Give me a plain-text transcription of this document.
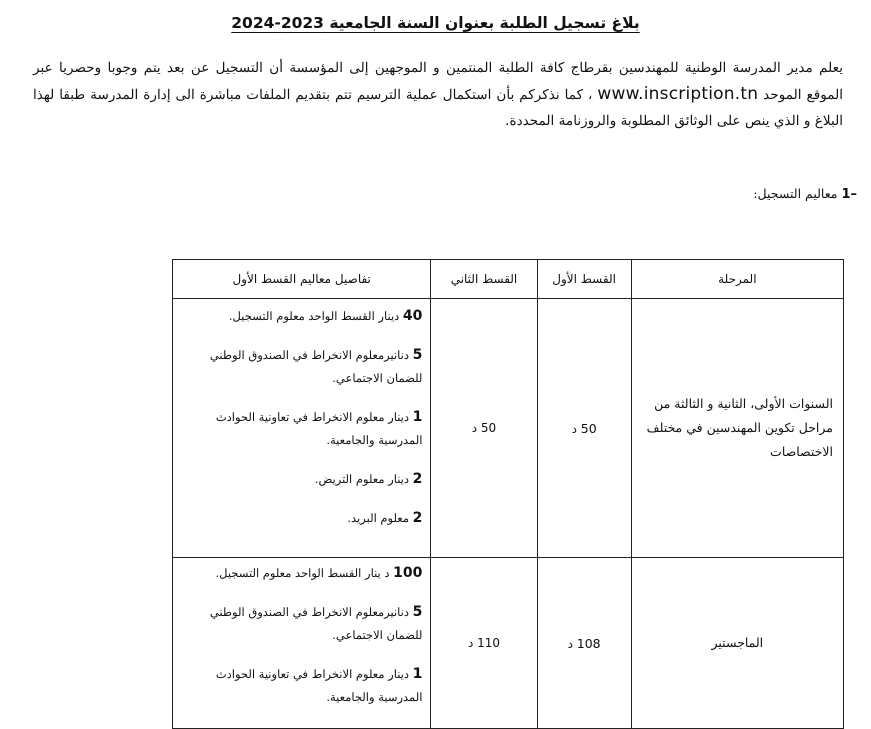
بلاغ تسجيل الطلبة بعنوان السنة الجامعية 2023-2024
يعلم مدير المدرسة الوطنية للمهندسين بقرطاج كافة الطلبة المنتمين و الموجهين إلى المؤسسة أن التسجيل عن بعد يتم وجوبا وحصريا عبر الموقع الموحد www.inscription.tn ، كما نذكركم بأن استكمال عملية الترسيم تتم بتقديم الملفات مباشرة الى إدارة المدرسة طبقا لهذا البلاغ و الذي ينص على الوثائق المطلوبة والروزنامة المحددة.
1– معاليم التسجيل:
المرحلة	القسط الأول	القسط الثاني	تفاصيل معاليم القسط الأول
السنوات الأولى، الثانية و الثالثة من مراحل تكوين المهندسين في مختلف الاختصاصات	50 د	50 د	40 دينار القسط الواحد معلوم التسجيل.
5 دنانيرمعلوم الانخراط في الصندوق الوطني للضمان الاجتماعي.
1 دينار معلوم الانخراط في تعاونية الحوادث المدرسية والجامعية.
2 دينار معلوم التريض.
2 معلوم البريد.

الماجستير	108 د	110 د	100 د ينار القسط الواحد معلوم التسجيل.
5 دنانيرمعلوم الانخراط في الصندوق الوطني للضمان الاجتماعي.
1 دينار معلوم الانخراط في تعاونية الحوادث المدرسية والجامعية.
